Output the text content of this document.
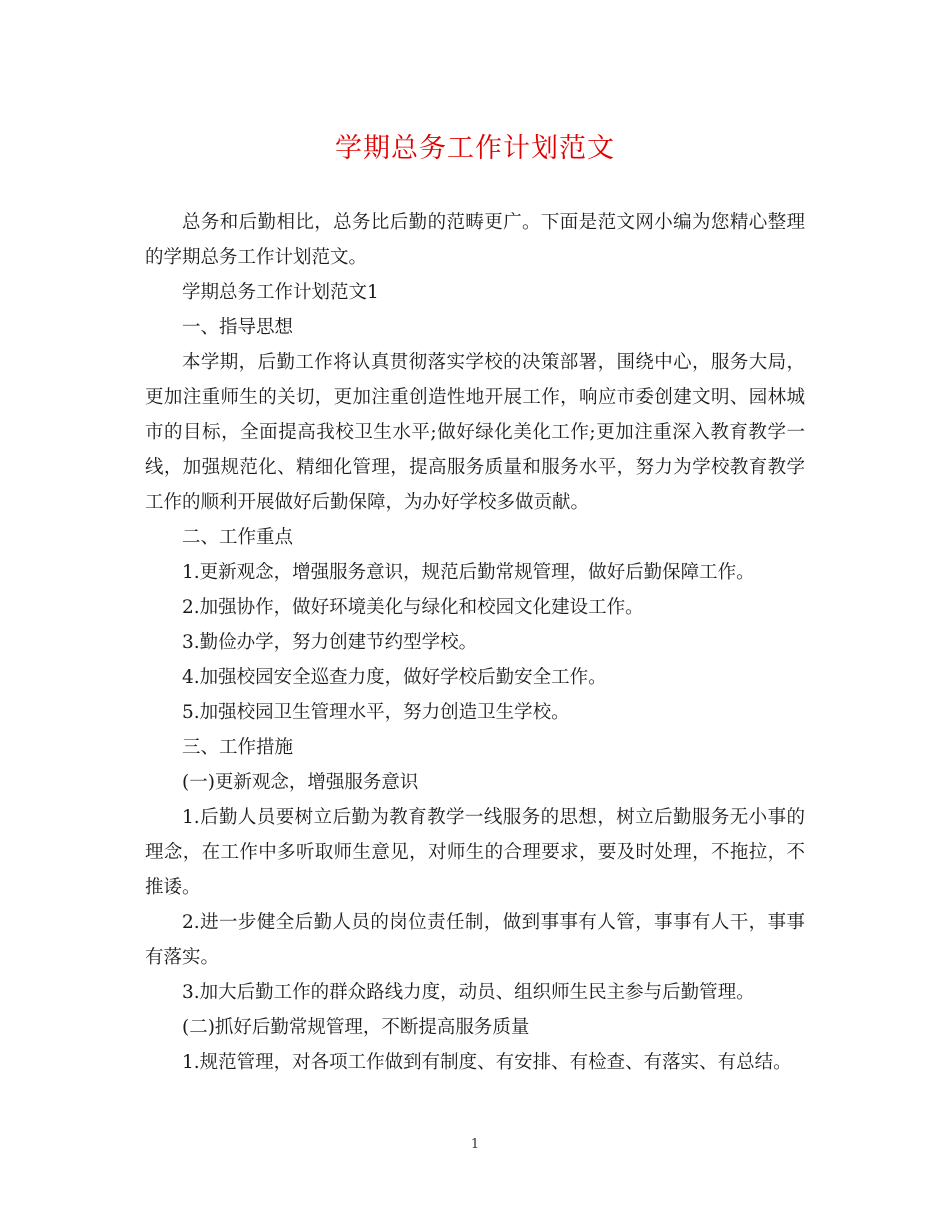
学期总务工作计划范文

总务和后勤相比，总务比后勤的范畴更广。下面是范文网小编为您精心整理的学期总务工作计划范文。

学期总务工作计划范文1

一、指导思想

本学期，后勤工作将认真贯彻落实学校的决策部署，围绕中心，服务大局，更加注重师生的关切，更加注重创造性地开展工作，响应市委创建文明、园林城市的目标，全面提高我校卫生水平;做好绿化美化工作;更加注重深入教育教学一线，加强规范化、精细化管理，提高服务质量和服务水平，努力为学校教育教学工作的顺利开展做好后勤保障，为办好学校多做贡献。

二、工作重点

1.更新观念，增强服务意识，规范后勤常规管理，做好后勤保障工作。

2.加强协作，做好环境美化与绿化和校园文化建设工作。

3.勤俭办学，努力创建节约型学校。

4.加强校园安全巡查力度，做好学校后勤安全工作。

5.加强校园卫生管理水平，努力创造卫生学校。

三、工作措施

(一)更新观念，增强服务意识

1.后勤人员要树立后勤为教育教学一线服务的思想，树立后勤服务无小事的理念，在工作中多听取师生意见，对师生的合理要求，要及时处理，不拖拉，不推诿。

2.进一步健全后勤人员的岗位责任制，做到事事有人管，事事有人干，事事有落实。

3.加大后勤工作的群众路线力度，动员、组织师生民主参与后勤管理。

(二)抓好后勤常规管理，不断提高服务质量

1.规范管理，对各项工作做到有制度、有安排、有检查、有落实、有总结。

1
